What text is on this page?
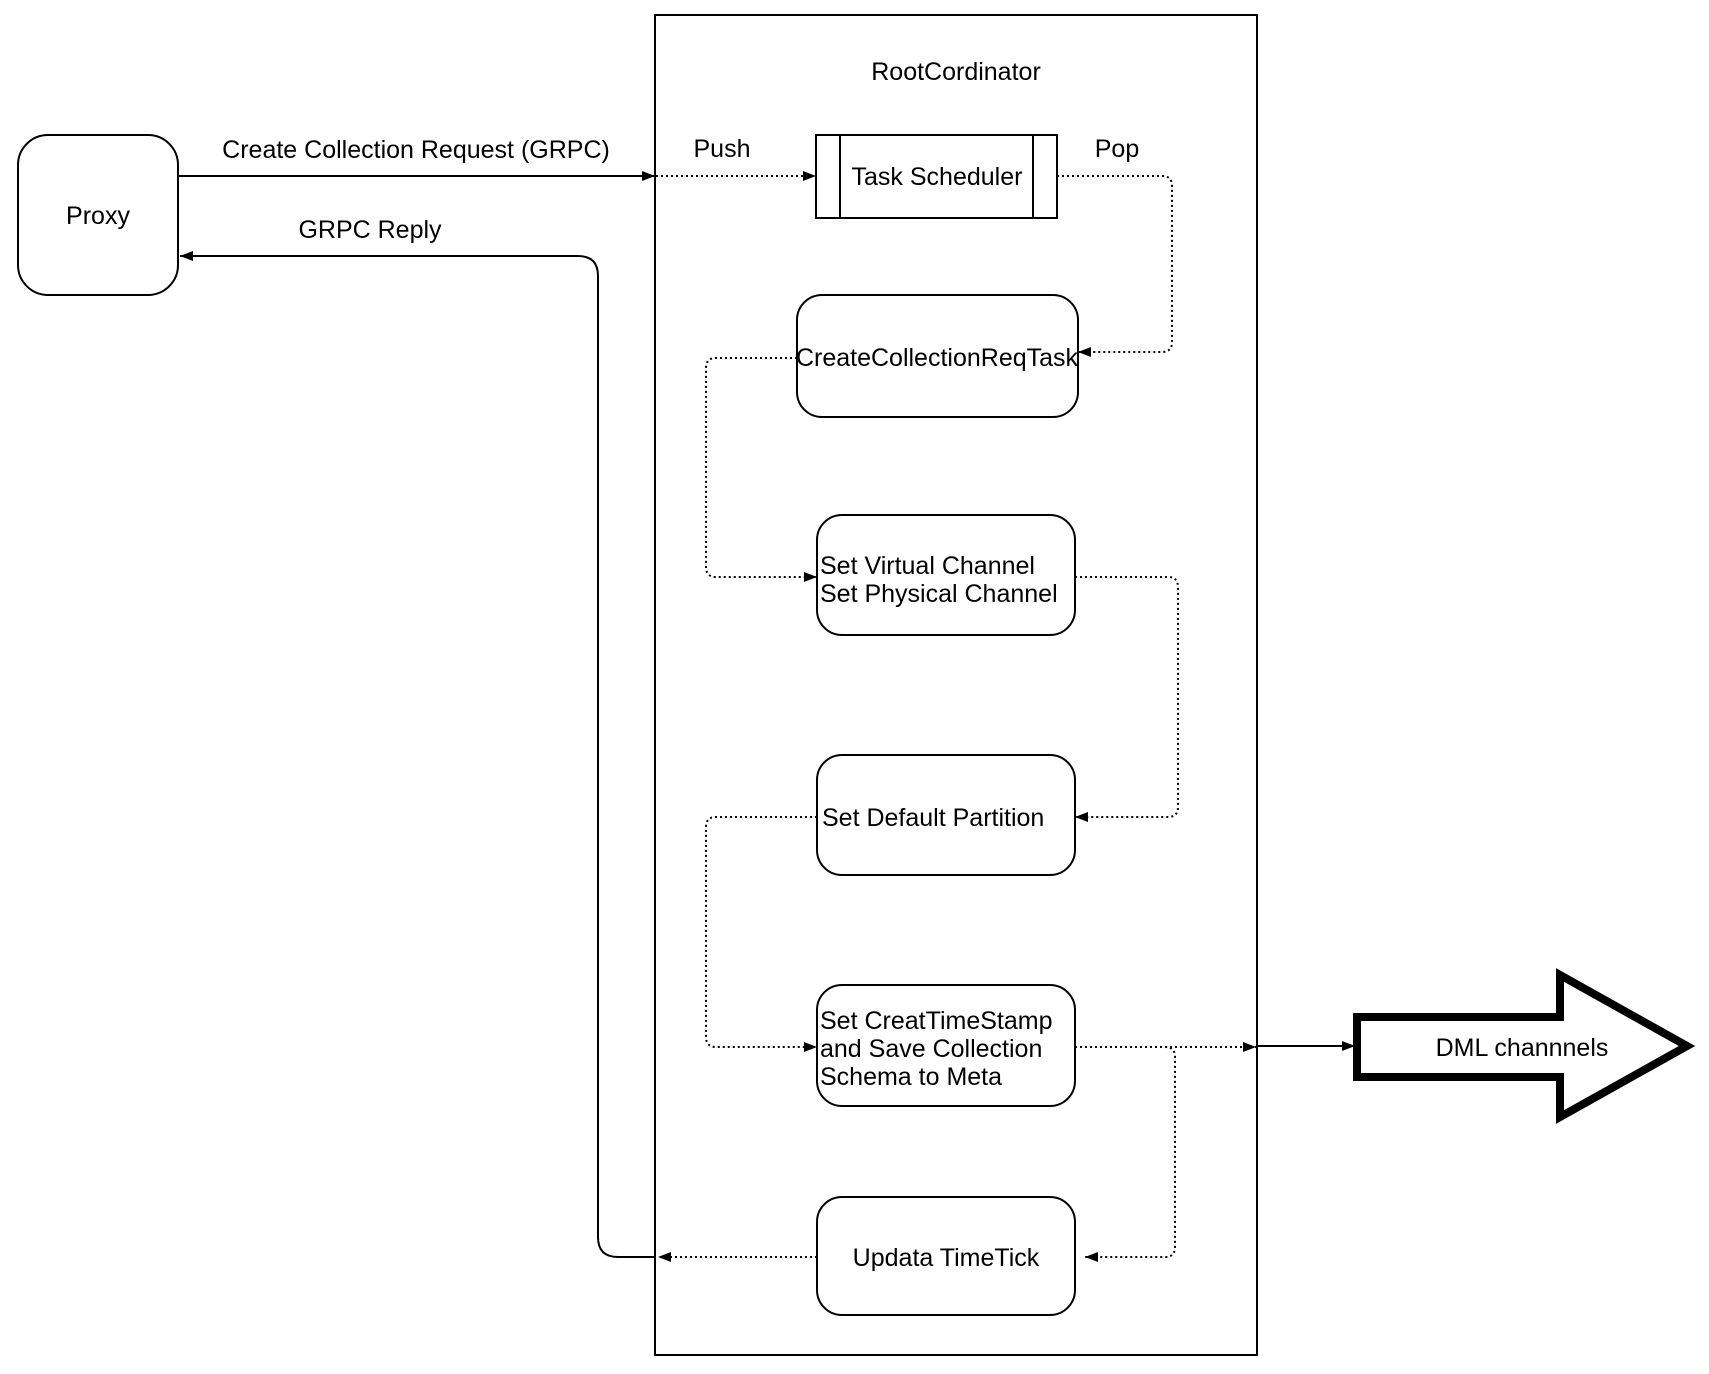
RootCordinator
Proxy
Task Scheduler
CreateCollectionReqTask
Set Virtual Channel
Set Physical Channel
Set Default Partition
Set CreatTimeStamp
and Save Collection
Schema to Meta
Updata TimeTick
DML channnels
Create Collection Request (GRPC)	Push	Pop
GRPC Reply
